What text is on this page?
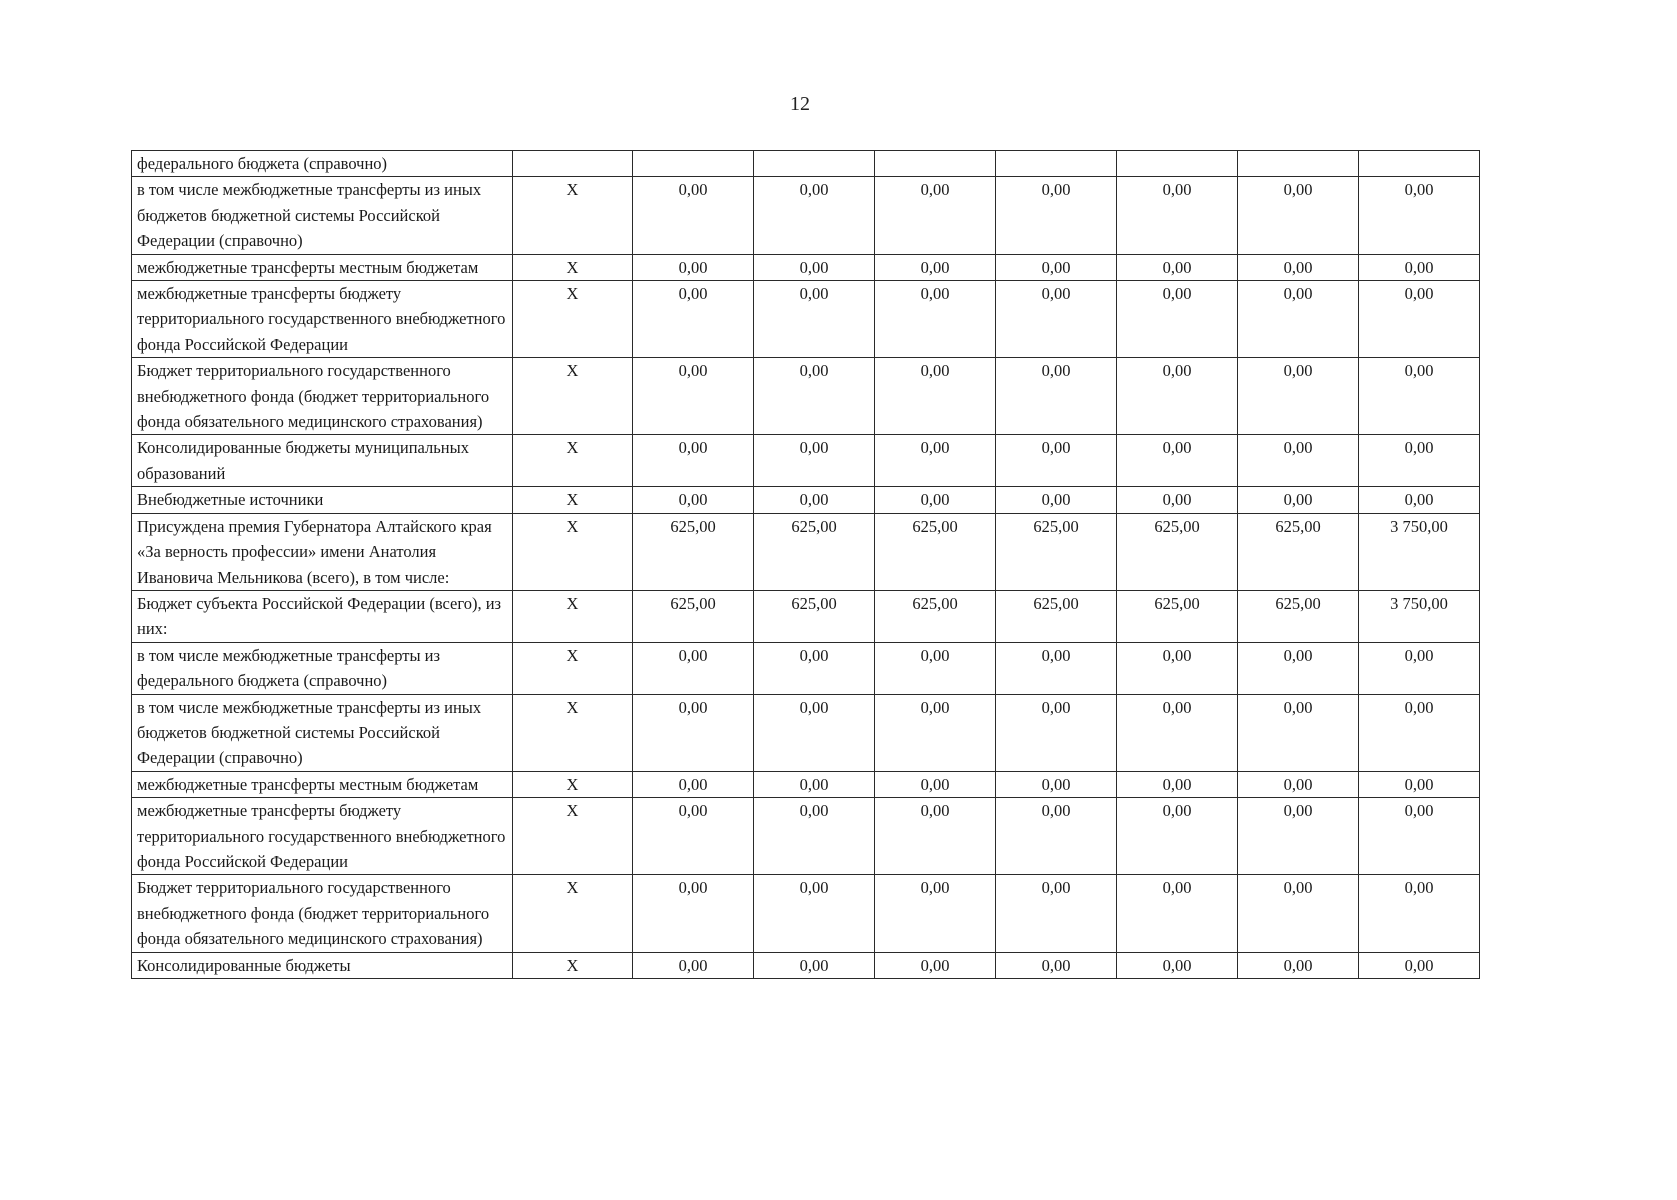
12
федерального бюджета (справочно)								
в том числе межбюджетные трансферты из иных бюджетов бюджетной системы Российской Федерации (справочно)	X	0,00	0,00	0,00	0,00	0,00	0,00	0,00
межбюджетные трансферты местным бюджетам	X	0,00	0,00	0,00	0,00	0,00	0,00	0,00
межбюджетные трансферты бюджету территориального государственного внебюджетного фонда Российской Федерации	X	0,00	0,00	0,00	0,00	0,00	0,00	0,00
Бюджет территориального государственного внебюджетного фонда (бюджет территориального фонда обязательного медицинского страхования)	X	0,00	0,00	0,00	0,00	0,00	0,00	0,00
Консолидированные бюджеты муниципальных образований	X	0,00	0,00	0,00	0,00	0,00	0,00	0,00
Внебюджетные источники	X	0,00	0,00	0,00	0,00	0,00	0,00	0,00
Присуждена премия Губернатора Алтайского края «За верность профессии» имени Анатолия Ивановича Мельникова (всего), в том числе:	X	625,00	625,00	625,00	625,00	625,00	625,00	3 750,00
Бюджет субъекта Российской Федерации (всего), из них:	X	625,00	625,00	625,00	625,00	625,00	625,00	3 750,00
в том числе межбюджетные трансферты из федерального бюджета (справочно)	X	0,00	0,00	0,00	0,00	0,00	0,00	0,00
в том числе межбюджетные трансферты из иных бюджетов бюджетной системы Российской Федерации (справочно)	X	0,00	0,00	0,00	0,00	0,00	0,00	0,00
межбюджетные трансферты местным бюджетам	X	0,00	0,00	0,00	0,00	0,00	0,00	0,00
межбюджетные трансферты бюджету территориального государственного внебюджетного фонда Российской Федерации	X	0,00	0,00	0,00	0,00	0,00	0,00	0,00
Бюджет территориального государственного внебюджетного фонда (бюджет территориального фонда обязательного медицинского страхования)	X	0,00	0,00	0,00	0,00	0,00	0,00	0,00
Консолидированные бюджеты	X	0,00	0,00	0,00	0,00	0,00	0,00	0,00
